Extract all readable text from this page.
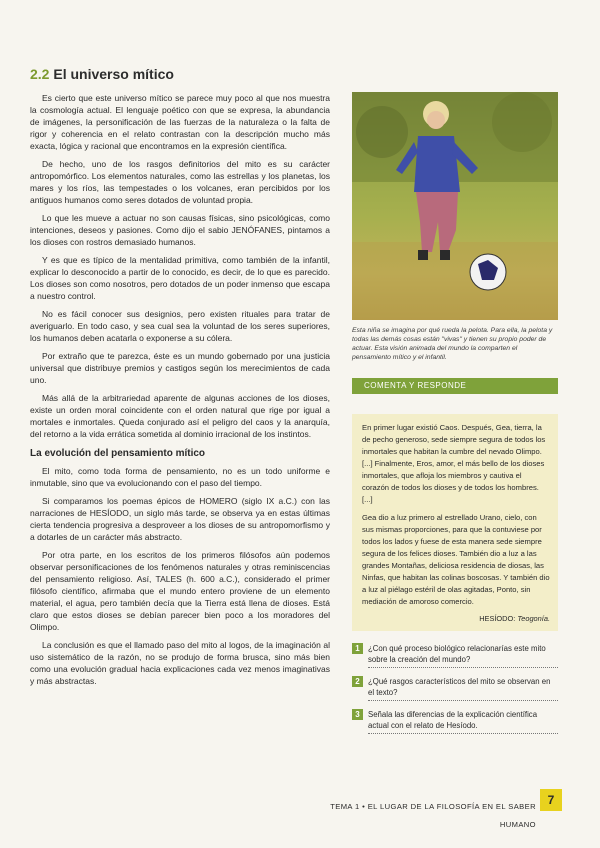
2.2 El universo mítico

Es cierto que este universo mítico se parece muy poco al que nos muestra la cosmología actual. El lenguaje poético con que se expresa, la abundancia de imágenes, la personificación de las fuerzas de la naturaleza o la falta de rigor y coherencia en el relato contrastan con la descripción mucho más exacta, lógica y racional que encontramos en la expresión científica.

De hecho, uno de los rasgos definitorios del mito es su carácter antropomórfico. Los elementos naturales, como las estrellas y los planetas, los mares y los ríos, las tempestades o los volcanes, eran percibidos por los antiguos humanos como seres dotados de voluntad propia.

Lo que les mueve a actuar no son causas físicas, sino psicológicas, como intenciones, deseos y pasiones. Como dijo el sabio JENÓFANES, pintamos a los dioses con rostros demasiado humanos.

Y es que es típico de la mentalidad primitiva, como también de la infantil, explicar lo desconocido a partir de lo conocido, es decir, de lo que es parecido. Los dioses son como nosotros, pero dotados de un poder inmenso que escapa a nuestro control.

No es fácil conocer sus designios, pero existen rituales para tratar de averiguarlo. En todo caso, y sea cual sea la voluntad de los seres superiores, los humanos deben acatarla o exponerse a su cólera.

Por extraño que te parezca, éste es un mundo gobernado por una justicia universal que distribuye premios y castigos según los merecimientos de cada uno.

Más allá de la arbitrariedad aparente de algunas acciones de los dioses, existe un orden moral coincidente con el orden natural que rige por igual a mortales e inmortales. Queda conjurado así el peligro del caos y la anarquía, del retorno a la vida errática sometida al dominio irracional de los instintos.

La evolución del pensamiento mítico

El mito, como toda forma de pensamiento, no es un todo uniforme e inmutable, sino que va evolucionando con el paso del tiempo.

Si comparamos los poemas épicos de HOMERO (siglo IX a.C.) con las narraciones de HESÍODO, un siglo más tarde, se observa ya en estas últimas cierta tendencia progresiva a desproveer a los dioses de su antropomorfismo y a dotarles de un carácter más abstracto.

Por otra parte, en los escritos de los primeros filósofos aún podemos observar personificaciones de los fenómenos naturales y otras reminiscencias del pensamiento religioso. Así, TALES (h. 600 a.C.), considerado el primer filósofo científico, afirmaba que el mundo entero proviene de un elemento material, el agua, pero también decía que la Tierra está llena de dioses. Está claro que estos dioses se debían parecer bien poco a los moradores del Olimpo.

La conclusión es que el llamado paso del mito al logos, de la imaginación al uso sistemático de la razón, no se produjo de forma brusca, sino más bien como una evolución gradual hacia explicaciones cada vez menos imaginativas y más abstractas.

Esta niña se imagina por qué rueda la pelota. Para ella, la pelota y todas las demás cosas están "vivas" y tienen su propio poder de actuar. Esta visión animada del mundo la comparten el pensamiento mítico y el infantil.

COMENTA Y RESPONDE

En primer lugar existió Caos. Después, Gea, tierra, la de pecho generoso, sede siempre segura de todos los inmortales que habitan la cumbre del nevado Olimpo. [...] Finalmente, Eros, amor, el más bello de los dioses inmortales, que afloja los miembros y cautiva el corazón de todos los dioses y de todos los hombres. [...]

Gea dio a luz primero al estrellado Urano, cielo, con sus mismas proporciones, para que la contuviese por todos los lados y fuese de esta manera sede siempre segura de los felices dioses. También dio a luz a las grandes Montañas, deliciosa residencia de diosas, las Ninfas, que habitan las colinas boscosas. Y también dio a luz al piélago estéril de olas agitadas, Ponto, sin mediación de amoroso comercio.

HESÍODO: Teogonía.

1	¿Con qué proceso biológico relacionarías este mito sobre la creación del mundo?
2	¿Qué rasgos característicos del mito se observan en el texto?
3	Señala las diferencias de la explicación científica actual con el relato de Hesíodo.
TEMA 1 • EL LUGAR DE LA FILOSOFÍA EN EL SABER HUMANO
7
